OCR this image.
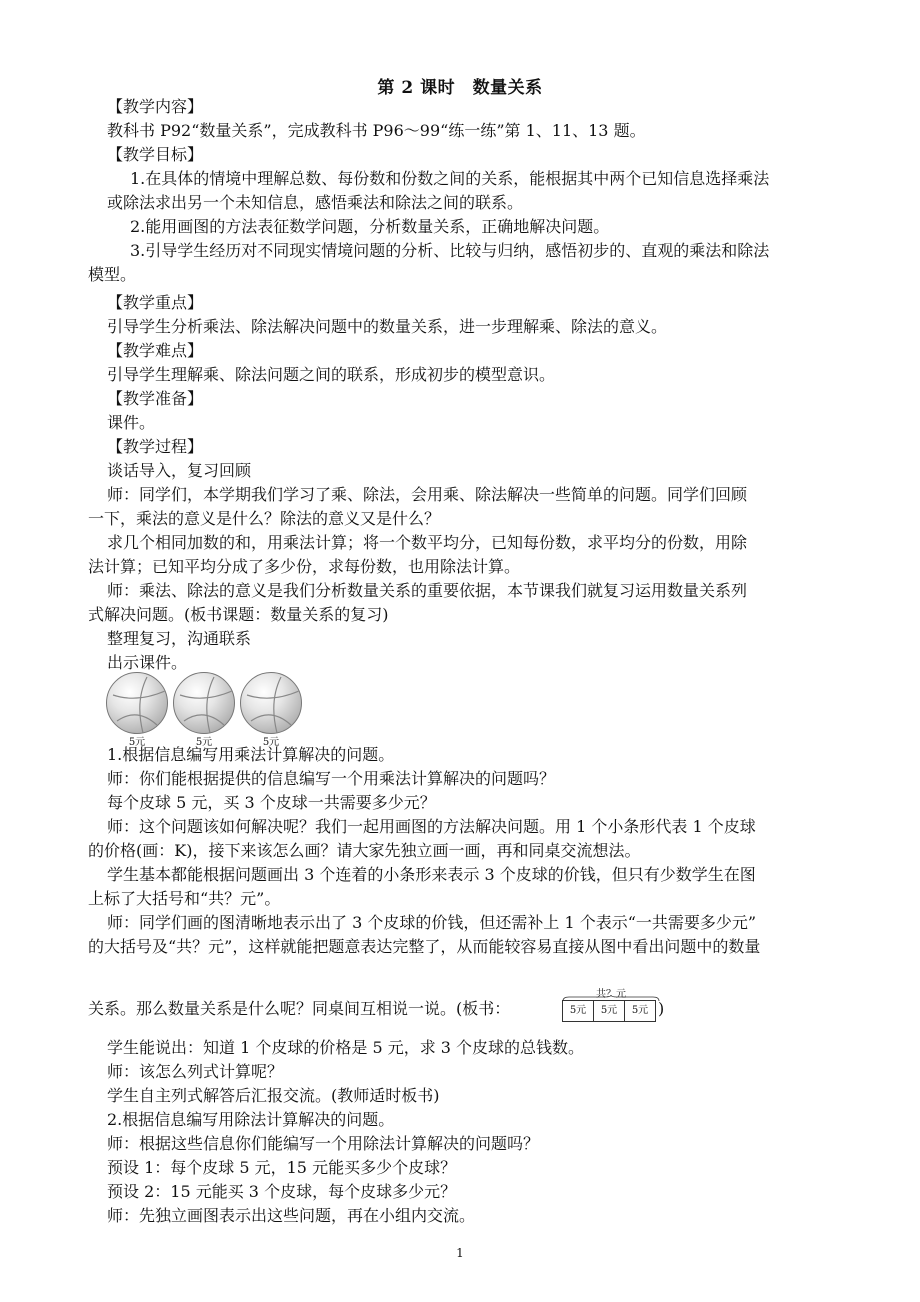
第 2 课时　数量关系
【教学内容】
教科书 P92“数量关系”，完成教科书 P96～99“练一练”第 1、11、13 题。
【教学目标】
1.在具体的情境中理解总数、每份数和份数之间的关系，能根据其中两个已知信息选择乘法
或除法求出另一个未知信息，感悟乘法和除法之间的联系。
2.能用画图的方法表征数学问题，分析数量关系，正确地解决问题。
3.引导学生经历对不同现实情境问题的分析、比较与归纳，感悟初步的、直观的乘法和除法
模型。
【教学重点】
引导学生分析乘法、除法解决问题中的数量关系，进一步理解乘、除法的意义。
【教学难点】
引导学生理解乘、除法问题之间的联系，形成初步的模型意识。
【教学准备】
课件。
【教学过程】
谈话导入，复习回顾
师：同学们，本学期我们学习了乘、除法，会用乘、除法解决一些简单的问题。同学们回顾
一下，乘法的意义是什么？除法的意义又是什么？
求几个相同加数的和，用乘法计算；将一个数平均分，已知每份数，求平均分的份数，用除
法计算；已知平均分成了多少份，求每份数，也用除法计算。
师：乘法、除法的意义是我们分析数量关系的重要依据，本节课我们就复习运用数量关系列
式解决问题。(板书课题：数量关系的复习)
整理复习，沟通联系
出示课件。
5元	5元	5元
1.根据信息编写用乘法计算解决的问题。
师：你们能根据提供的信息编写一个用乘法计算解决的问题吗？
每个皮球 5 元，买 3 个皮球一共需要多少元？
师：这个问题该如何解决呢？我们一起用画图的方法解决问题。用 1 个小条形代表 1 个皮球
的价格(画：K)，接下来该怎么画？请大家先独立画一画，再和同桌交流想法。
学生基本都能根据问题画出 3 个连着的小条形来表示 3 个皮球的价钱，但只有少数学生在图
上标了大括号和“共？元”。
师：同学们画的图清晰地表示出了 3 个皮球的价钱，但还需补上 1 个表示“一共需要多少元”
的大括号及“共？元”，这样就能把题意表达完整了，从而能较容易直接从图中看出问题中的数量
关系。那么数量关系是什么呢？同桌间互相说一说。(板书：
共？元
5元	5元	5元 )
学生能说出：知道 1 个皮球的价格是 5 元，求 3 个皮球的总钱数。
师：该怎么列式计算呢？
学生自主列式解答后汇报交流。(教师适时板书)
2.根据信息编写用除法计算解决的问题。
师：根据这些信息你们能编写一个用除法计算解决的问题吗？
预设 1：每个皮球 5 元，15 元能买多少个皮球？
预设 2：15 元能买 3 个皮球，每个皮球多少元？
师：先独立画图表示出这些问题，再在小组内交流。
1
